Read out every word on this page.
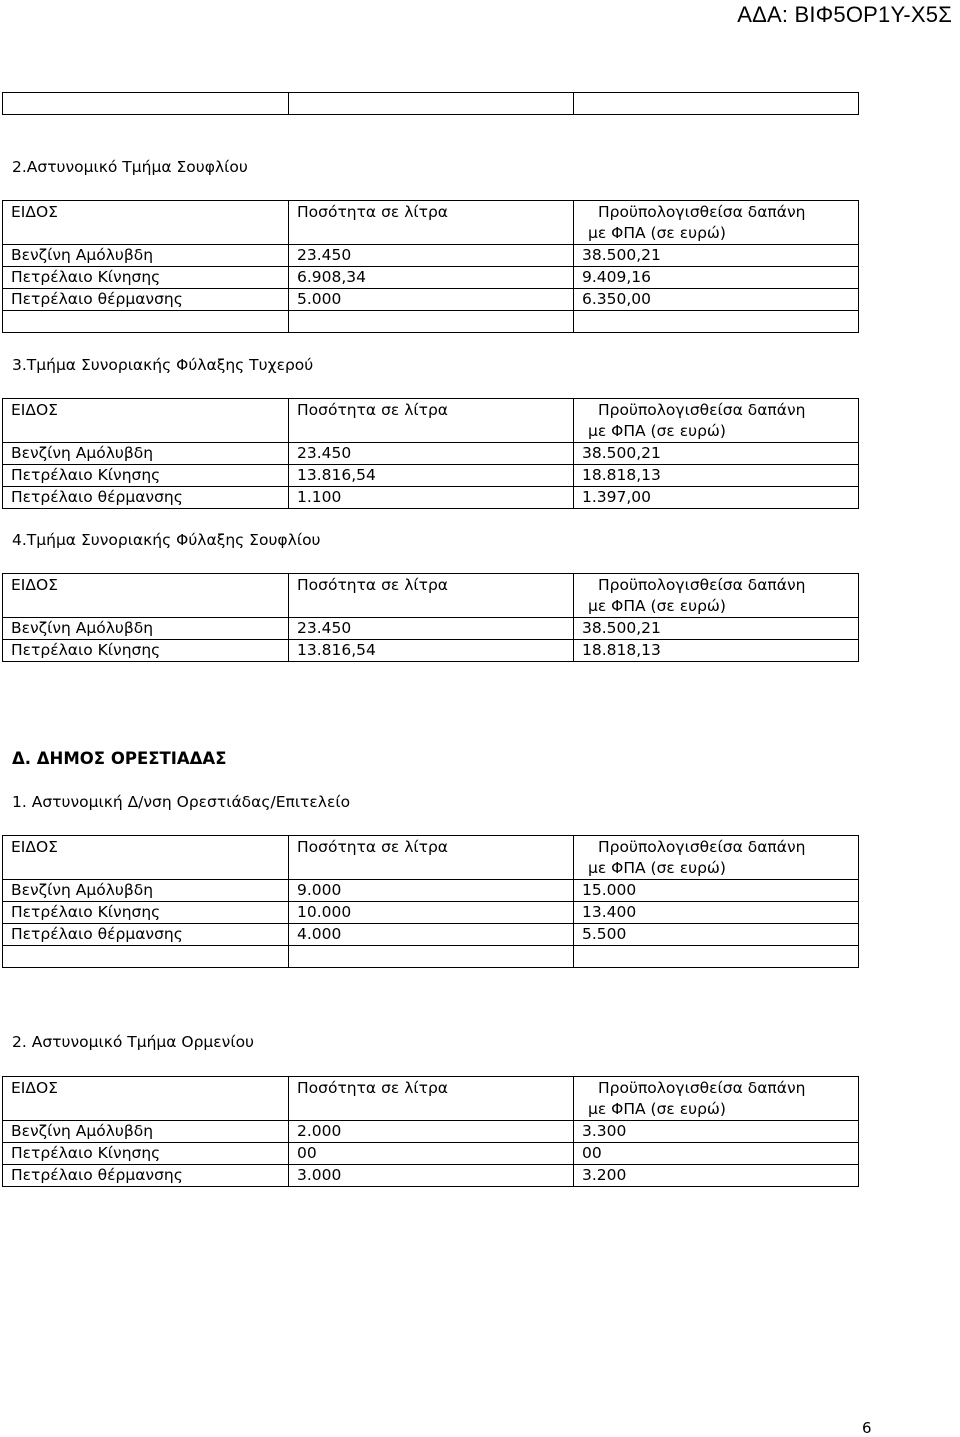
ΑΔΑ: ΒΙΦ5ΟΡ1Υ-Χ5Σ

2.Αστυνομικό Τμήμα Σουφλίου
ΕΙΔΟΣ	Ποσότητα σε λίτρα	Προϋπολογισθείσα δαπάνη
με ΦΠΑ (σε ευρώ)

Βενζίνη Αμόλυβδη	23.450	38.500,21
Πετρέλαιο Κίνησης	6.908,34	9.409,16
Πετρέλαιο θέρμανσης	5.000	6.350,00

3.Τμήμα Συνοριακής Φύλαξης Τυχερού
ΕΙΔΟΣ	Ποσότητα σε λίτρα	Προϋπολογισθείσα δαπάνη
με ΦΠΑ (σε ευρώ)

Βενζίνη Αμόλυβδη	23.450	38.500,21
Πετρέλαιο Κίνησης	13.816,54	18.818,13
Πετρέλαιο θέρμανσης	1.100	1.397,00
4.Τμήμα Συνοριακής Φύλαξης Σουφλίου
ΕΙΔΟΣ	Ποσότητα σε λίτρα	Προϋπολογισθείσα δαπάνη
με ΦΠΑ (σε ευρώ)

Βενζίνη Αμόλυβδη	23.450	38.500,21
Πετρέλαιο Κίνησης	13.816,54	18.818,13
Δ. ΔΗΜΟΣ ΟΡΕΣΤΙΑΔΑΣ
1. Αστυνομική Δ/νση Ορεστιάδας/Επιτελείο
ΕΙΔΟΣ	Ποσότητα σε λίτρα	Προϋπολογισθείσα δαπάνη
με ΦΠΑ (σε ευρώ)

Βενζίνη Αμόλυβδη	9.000	15.000
Πετρέλαιο Κίνησης	10.000	13.400
Πετρέλαιο θέρμανσης	4.000	5.500

2. Αστυνομικό Τμήμα Ορμενίου
ΕΙΔΟΣ	Ποσότητα σε λίτρα	Προϋπολογισθείσα δαπάνη
με ΦΠΑ (σε ευρώ)

Βενζίνη Αμόλυβδη	2.000	3.300
Πετρέλαιο Κίνησης	00	00
Πετρέλαιο θέρμανσης	3.000	3.200
6
